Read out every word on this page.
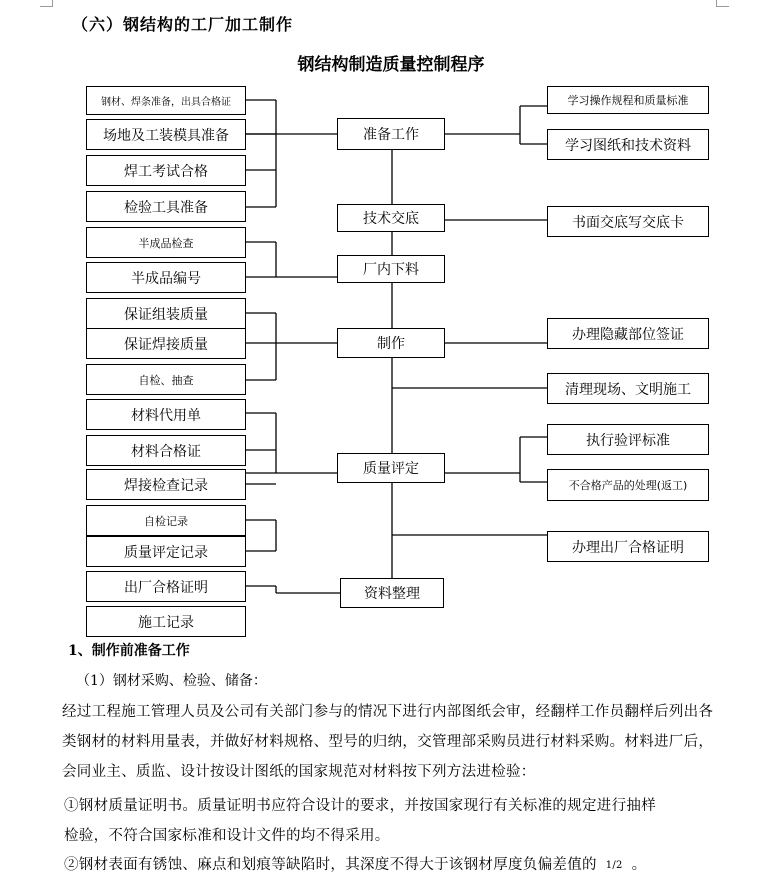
（六）钢结构的工厂加工制作
钢结构制造质量控制程序
钢材、焊条准备，出具合格证
场地及工装模具准备
焊工考试合格
检验工具准备
半成品检查
半成品编号
保证组装质量
保证焊接质量
自检、抽查
材料代用单
材料合格证
焊接检查记录
自检记录
质量评定记录
出厂合格证明
施工记录
准备工作
技术交底
厂内下料
制作
质量评定
资料整理
学习操作规程和质量标准
学习图纸和技术资料
书面交底写交底卡
办理隐藏部位签证
清理现场、文明施工
执行验评标准
不合格产品的处理(返工)
办理出厂合格证明
1、制作前准备工作
（1）钢材采购、检验、储备：
经过工程施工管理人员及公司有关部门参与的情况下进行内部图纸会审，经翻样工作员翻样后列出各类钢材的材料用量表，并做好材料规格、型号的归纳，交管理部采购员进行材料采购。材料进厂后，会同业主、质监、设计按设计图纸的国家规范对材料按下列方法进检验：
①钢材质量证明书。质量证明书应符合设计的要求，并按国家现行有关标准的规定进行抽样
检验，不符合国家标准和设计文件的均不得采用。
②钢材表面有锈蚀、麻点和划痕等缺陷时，其深度不得大于该钢材厚度负偏差值的 1/2 。
